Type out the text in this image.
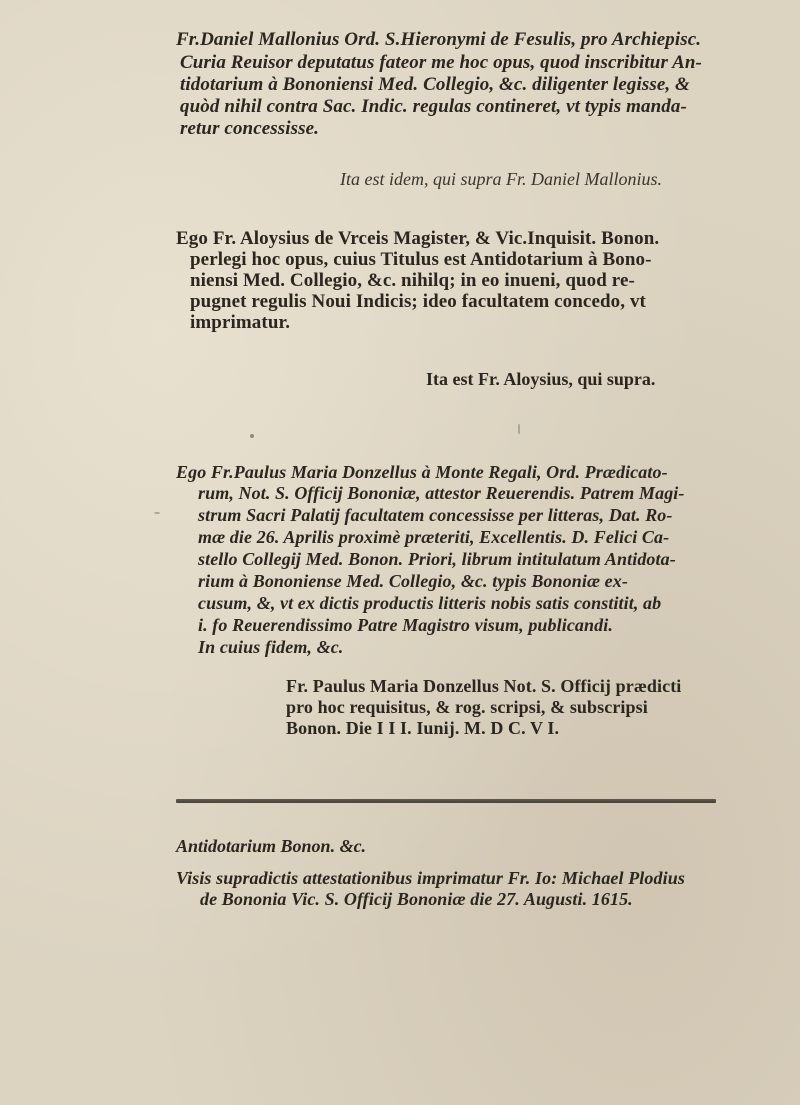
Fr.Daniel Mallonius Ord. S.Hieronymi de Fesulis, pro Archiepisc.
Curia Reuisor deputatus fateor me hoc opus, quod inscribitur An-
tidotarium à Bononiensi Med. Collegio, &c. diligenter legisse, &
quòd nihil contra Sac. Indic. regulas contineret, vt typis manda-
retur concessisse.
Ita est idem, qui supra Fr. Daniel Mallonius.
Ego Fr. Aloysius de Vrceis Magister, & Vic.Inquisit. Bonon.
perlegi hoc opus, cuius Titulus est Antidotarium à Bono-
niensi Med. Collegio, &c. nihilq; in eo inueni, quod re-
pugnet regulis Noui Indicis; ideo facultatem concedo, vt
imprimatur.
Ita est Fr. Aloysius, qui supra.
Ego Fr.Paulus Maria Donzellus à Monte Regali, Ord. Prædicato-
rum, Not. S. Officij Bononiæ, attestor Reuerendis. Patrem Magi-
strum Sacri Palatij facultatem concessisse per litteras, Dat. Ro-
mæ die 26. Aprilis proximè præteriti, Excellentis. D. Felici Ca-
stello Collegij Med. Bonon. Priori, librum intitulatum Antidota-
rium à Bononiense Med. Collegio, &c. typis Bononiæ ex-
cusum, &, vt ex dictis productis litteris nobis satis constitit, ab
i. fo Reuerendissimo Patre Magistro visum, publicandi.
In cuius fidem, &c.
Fr. Paulus Maria Donzellus Not. S. Officij prædicti
pro hoc requisitus, & rog. scripsi, & subscripsi
Bonon. Die I I I. Iunij. M. D C. V I.
Antidotarium Bonon. &c.
Visis supradictis attestationibus imprimatur Fr. Io: Michael Plodius
de Bononia Vic. S. Officij Bononiæ die 27. Augusti. 1615.
